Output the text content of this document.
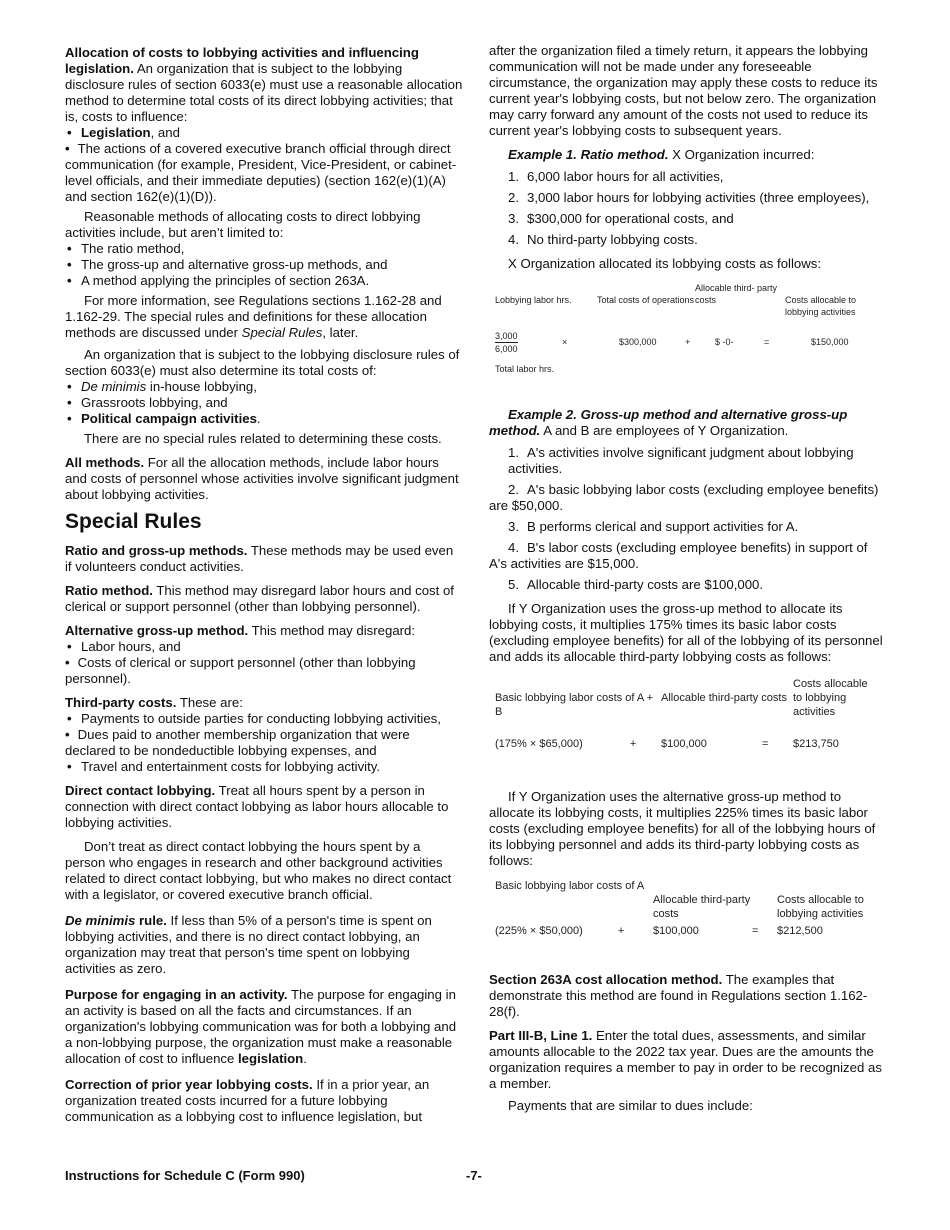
Allocation of costs to lobbying activities and influencing legislation. An organization that is subject to the lobbying disclosure rules of section 6033(e) must use a reasonable allocation method to determine total costs of its direct lobbying activities; that is, costs to influence:

• Legislation, and
• The actions of a covered executive branch official through direct communication (for example, President, Vice-President, or cabinet-level officials, and their immediate deputies) (section 162(e)(1)(A) and section 162(e)(1)(D)).

Reasonable methods of allocating costs to direct lobbying activities include, but aren’t limited to:

• The ratio method,
• The gross-up and alternative gross-up methods, and
• A method applying the principles of section 263A.

For more information, see Regulations sections 1.162-28 and 1.162-29. The special rules and definitions for these allocation methods are discussed under Special Rules, later.

An organization that is subject to the lobbying disclosure rules of section 6033(e) must also determine its total costs of:

• De minimis in-house lobbying,
• Grassroots lobbying, and
• Political campaign activities.

There are no special rules related to determining these costs.

All methods. For all the allocation methods, include labor hours and costs of personnel whose activities involve significant judgment about lobbying activities.

Special Rules

Ratio and gross-up methods. These methods may be used even if volunteers conduct activities.

Ratio method. This method may disregard labor hours and cost of clerical or support personnel (other than lobbying personnel).

Alternative gross-up method. This method may disregard:

• Labor hours, and
• Costs of clerical or support personnel (other than lobbying personnel).

Third-party costs. These are:

• Payments to outside parties for conducting lobbying activities,
• Dues paid to another membership organization that were declared to be nondeductible lobbying expenses, and
• Travel and entertainment costs for lobbying activity.

Direct contact lobbying. Treat all hours spent by a person in connection with direct contact lobbying as labor hours allocable to lobbying activities.

Don’t treat as direct contact lobbying the hours spent by a person who engages in research and other background activities related to direct contact lobbying, but who makes no direct contact with a legislator, or covered executive branch official.

De minimis rule. If less than 5% of a person's time is spent on lobbying activities, and there is no direct contact lobbying, an organization may treat that person's time spent on lobbying activities as zero.

Purpose for engaging in an activity. The purpose for engaging in an activity is based on all the facts and circumstances. If an organization's lobbying communication was for both a lobbying and a non-lobbying purpose, the organization must make a reasonable allocation of cost to influence legislation.

Correction of prior year lobbying costs. If in a prior year, an organization treated costs incurred for a future lobbying communication as a lobbying cost to influence legislation, but

after the organization filed a timely return, it appears the lobbying communication will not be made under any foreseeable circumstance, the organization may apply these costs to reduce its current year's lobbying costs, but not below zero. The organization may carry forward any amount of the costs not used to reduce its current year's lobbying costs to subsequent years.

Example 1. Ratio method. X Organization incurred:

1. 6,000 labor hours for all activities,

2. 3,000 labor hours for lobbying activities (three employees),

3. $300,000 for operational costs, and

4. No third-party lobbying costs.

X Organization allocated its lobbying costs as follows:

Lobbying labor hrs.	Total costs of operations	Allocable third- party costs	Costs allocable to lobbying activities

$\frac{3,000}{6,000}$ ×	$300,000 +	$ -0- =	$150,000
Total labor hrs.			

Example 2. Gross-up method and alternative gross-up method. A and B are employees of Y Organization.

1. A's activities involve significant judgment about lobbying activities.

2. A's basic lobbying labor costs (excluding employee benefits) are $50,000.

3. B performs clerical and support activities for A.

4. B's labor costs (excluding employee benefits) in support of A's activities are $15,000.

5. Allocable third-party costs are $100,000.

If Y Organization uses the gross-up method to allocate its lobbying costs, it multiplies 175% times its basic labor costs (excluding employee benefits) for all of the lobbying of its personnel and adds its allocable third-party lobbying costs as follows:

Basic lobbying labor costs of A + B	Allocable third-party costs	Costs allocable to lobbying activities
(175% × $65,000) +	$100,000 =	$213,750

If Y Organization uses the alternative gross-up method to allocate its lobbying costs, it multiplies 225% times its basic labor costs (excluding employee benefits) for all of the lobbying hours of its lobbying personnel and adds its third-party lobbying costs as follows:

Basic lobbying labor costs of A	Allocable third-party costs	Costs allocable to lobbying activities
(225% × $50,000) +	$100,000 =	$212,500

Section 263A cost allocation method. The examples that demonstrate this method are found in Regulations section 1.162-28(f).

Part III-B, Line 1. Enter the total dues, assessments, and similar amounts allocable to the 2022 tax year. Dues are the amounts the organization requires a member to pay in order to be recognized as a member.

Payments that are similar to dues include:

Instructions for Schedule C (Form 990)	-7-
